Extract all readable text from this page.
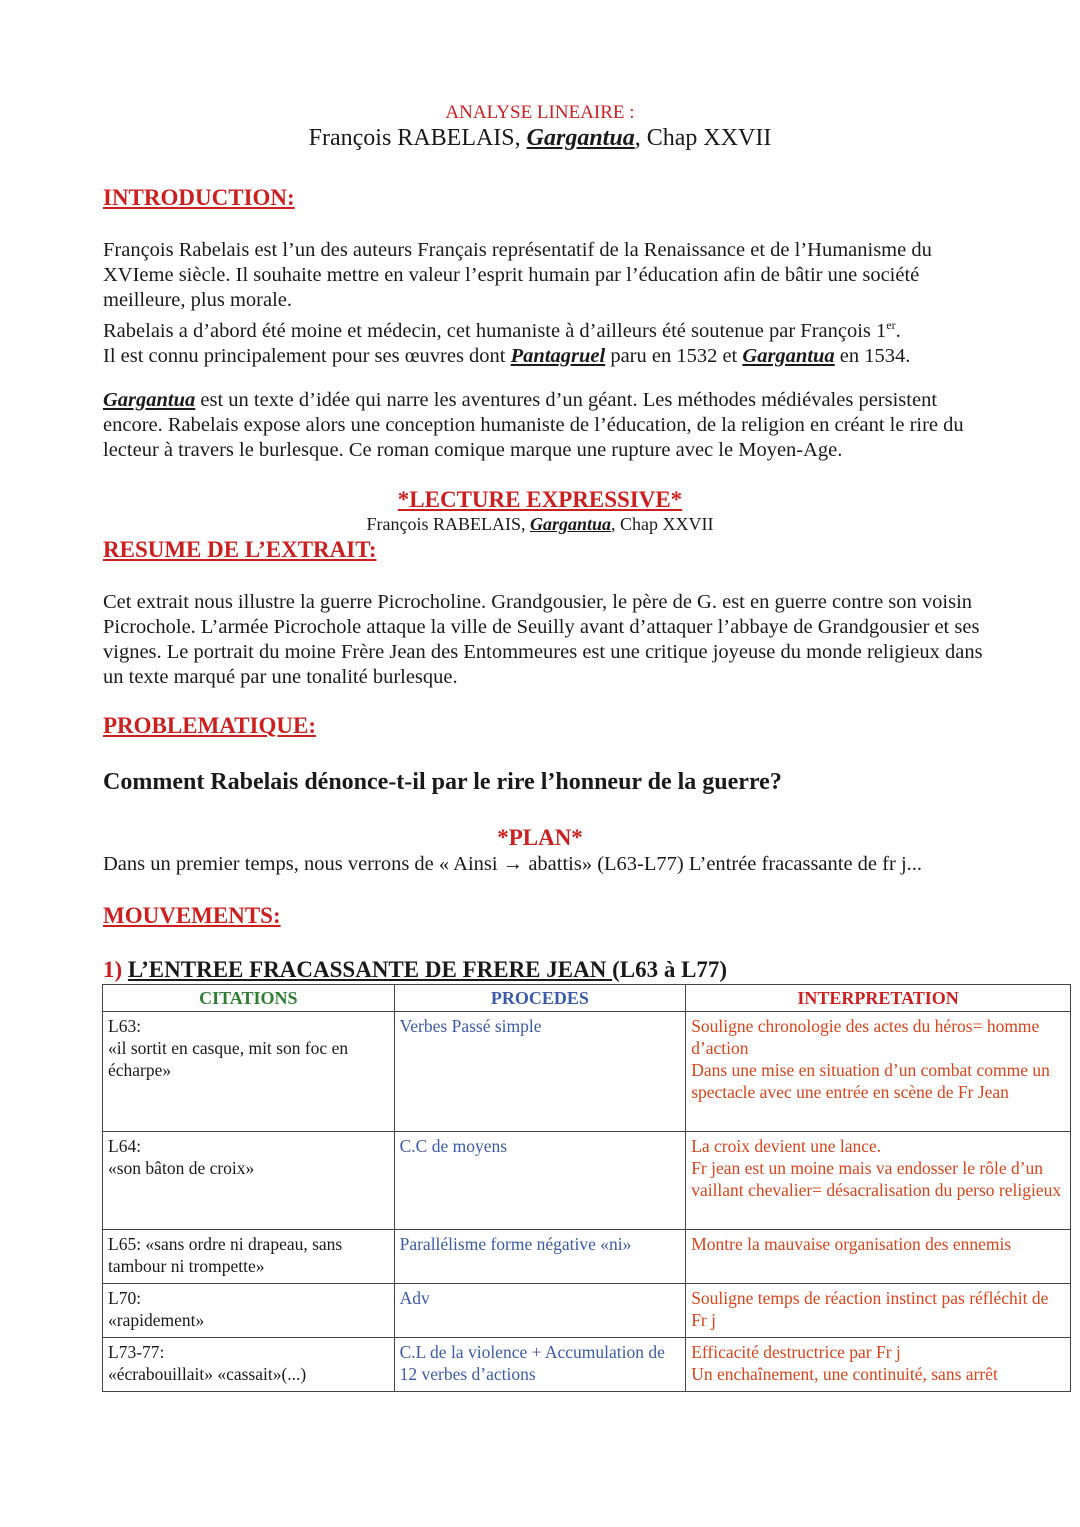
ANALYSE LINEAIRE :
François RABELAIS, Gargantua, Chap XXVII
INTRODUCTION:

François Rabelais est l’un des auteurs Français représentatif de la Renaissance et de l’Humanisme du XVIeme siècle. Il souhaite mettre en valeur l’esprit humain par l’éducation afin de bâtir une société meilleure, plus morale.

Rabelais a d’abord été moine et médecin, cet humaniste à d’ailleurs été soutenue par François 1er.

Il est connu principalement pour ses œuvres dont Pantagruel paru en 1532 et Gargantua en 1534.

Gargantua est un texte d’idée qui narre les aventures d’un géant. Les méthodes médiévales persistent encore. Rabelais expose alors une conception humaniste de l’éducation, de la religion en créant le rire du lecteur à travers le burlesque. Ce roman comique marque une rupture avec le Moyen-Age.

*LECTURE EXPRESSIVE*
François RABELAIS, Gargantua, Chap XXVII
RESUME DE L’EXTRAIT:
Cet extrait nous illustre la guerre Picrocholine. Grandgousier, le père de G. est en guerre contre son voisin Picrochole. L’armée Picrochole attaque la ville de Seuilly avant d’attaquer l’abbaye de Grandgousier et ses vignes. Le portrait du moine Frère Jean des Entommeures est une critique joyeuse du monde religieux dans un texte marqué par une tonalité burlesque.
PROBLEMATIQUE:
Comment Rabelais dénonce-t-il par le rire l’honneur de la guerre?
*PLAN*
Dans un premier temps, nous verrons de « Ainsi → abattis» (L63-L77) L’entrée fracassante de fr j...
MOUVEMENTS:
1) L’ENTREE FRACASSANTE DE FRERE JEAN (L63 à L77)
CITATIONS	PROCEDES	INTERPRETATION

L63:
«il sortit en casque, mit son foc en écharpe»	Verbes Passé simple	Souligne chronologie des actes du héros= homme d’action
Dans une mise en situation d’un combat comme un spectacle avec une entrée en scène de Fr Jean

L64:
«son bâton de croix»	C.C de moyens	La croix devient une lance.
Fr jean est un moine mais va endosser le rôle d’un vaillant chevalier= désacralisation du perso religieux

L65: «sans ordre ni drapeau, sans tambour ni trompette»	Parallélisme forme négative «ni»	Montre la mauvaise organisation des ennemis

L70:
«rapidement»	Adv	Souligne temps de réaction instinct pas réfléchit de Fr j

L73-77:
«écrabouillait» «cassait»(...)	C.L de la violence + Accumulation de 12 verbes d’actions	Efficacité destructrice par Fr j
Un enchaînement, une continuité, sans arrêt
